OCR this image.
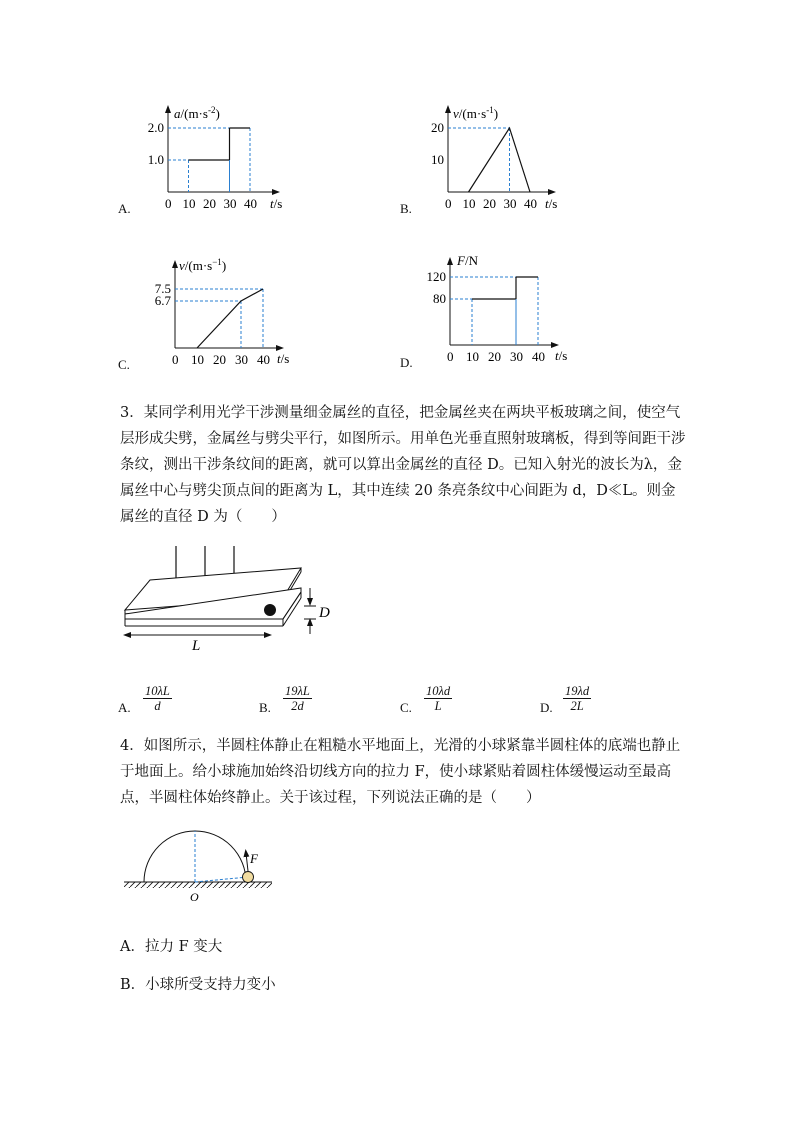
A.	0 10 20 30 40
1.0
2.0
$a/(m\cdot s^{-2})$
t/s	B.	0 10 20 30 40
10
20
$v/(m\cdot s^{-1})$
t/s
C.	0 10 20 30 40
6.7
7.5
$v/(m\cdot s^{-1})$
t/s	D.	0 10 20 30 40
80
120
F/N
t/s
3．某同学利用光学干涉测量细金属丝的直径，把金属丝夹在两块平板玻璃之间，使空气层形成尖劈，金属丝与劈尖平行，如图所示。用单色光垂直照射玻璃板，得到等间距干涉条纹，测出干涉条纹间的距离，就可以算出金属丝的直径 D。已知入射光的波长为λ，金属丝中心与劈尖顶点间的距离为 L，其中连续 20 条亮条纹中心间距为 d，D≪L。则金属丝的直径 D 为（　　）
D
L
A. $\frac{10\lambda L}{d}$	B. $\frac{19\lambda L}{2d}$	C. $\frac{10\lambda d}{L}$	D. $\frac{19\lambda d}{2L}$
4．如图所示，半圆柱体静止在粗糙水平地面上，光滑的小球紧靠半圆柱体的底端也静止于地面上。给小球施加始终沿切线方向的拉力 F，使小球紧贴着圆柱体缓慢运动至最高点，半圆柱体始终静止。关于该过程，下列说法正确的是（　　）
F
O
A．拉力 F 变大
B．小球所受支持力变小
